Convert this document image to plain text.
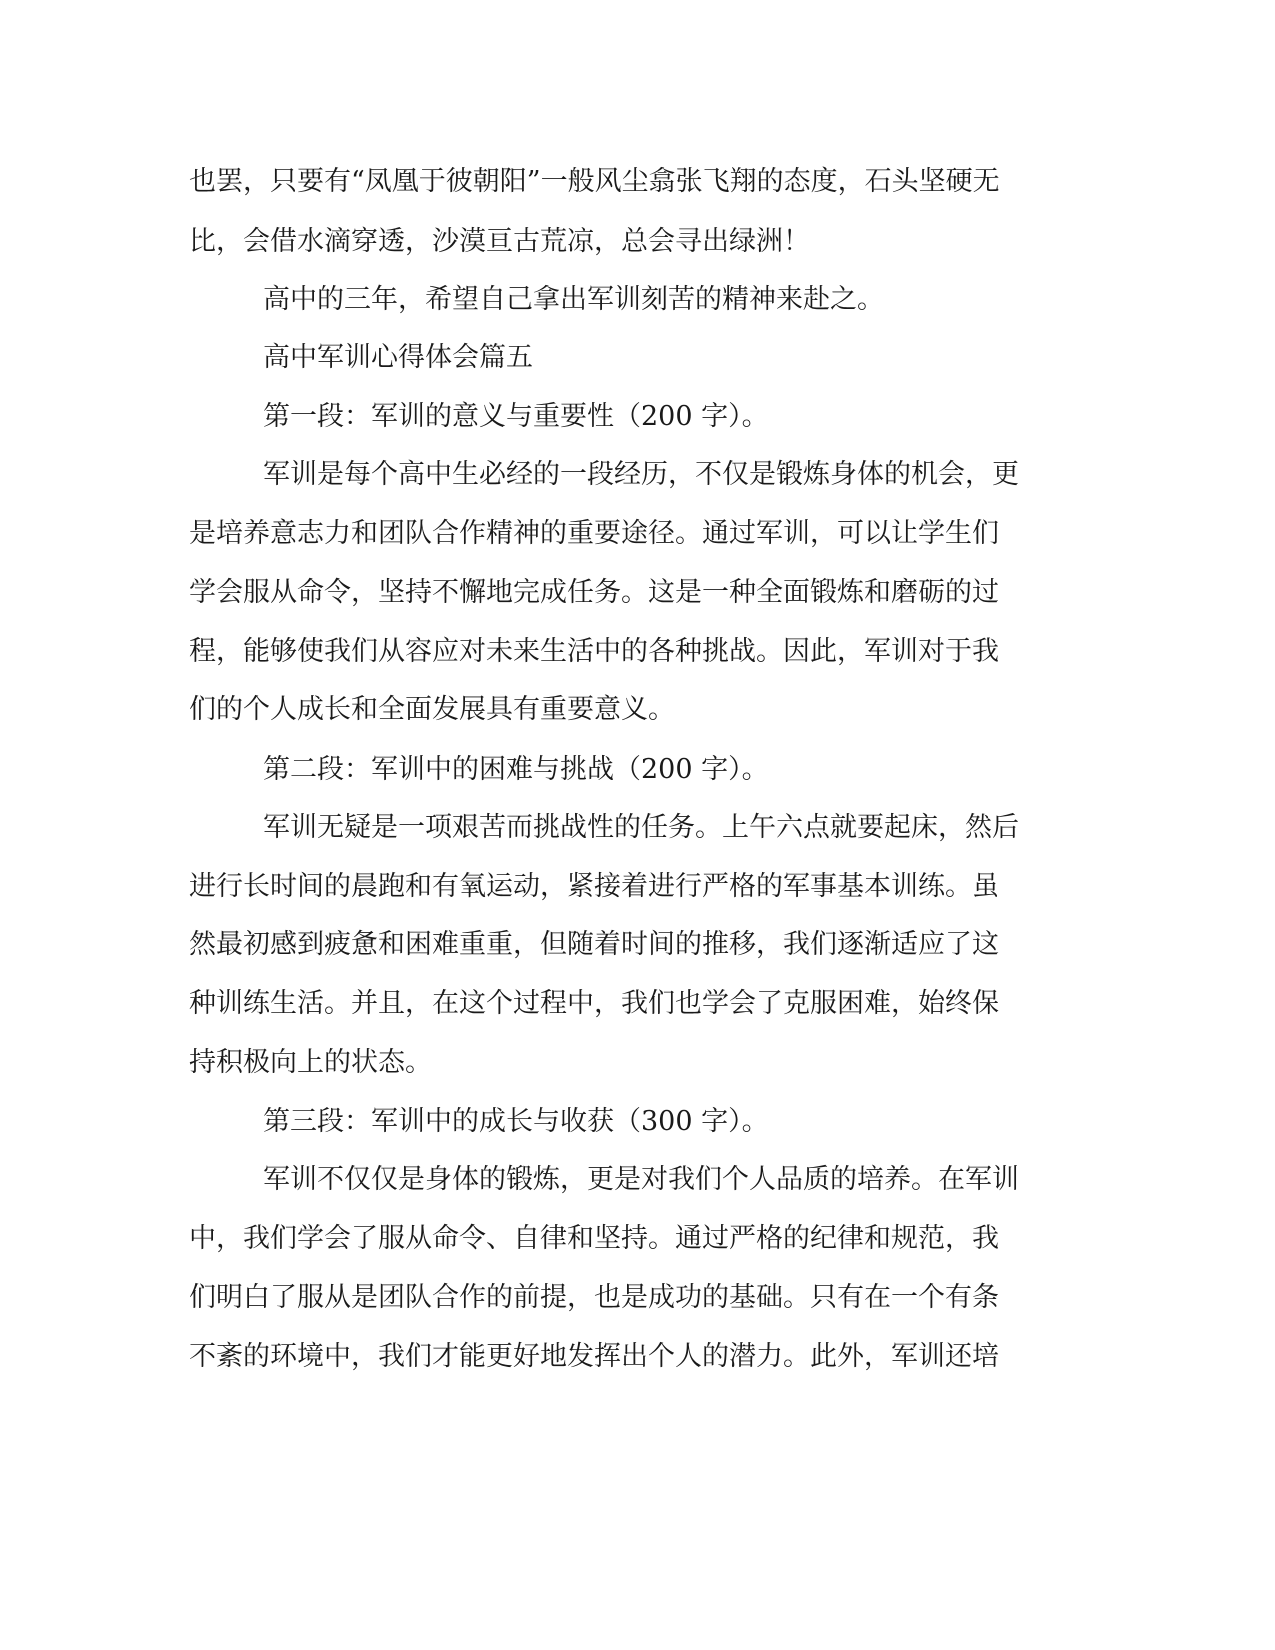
也罢，只要有“凤凰于彼朝阳”一般风尘翕张飞翔的态度，石头坚硬无
比，会借水滴穿透，沙漠亘古荒凉，总会寻出绿洲！
高中的三年，希望自己拿出军训刻苦的精神来赴之。
高中军训心得体会篇五
第一段：军训的意义与重要性（200 字）。
军训是每个高中生必经的一段经历，不仅是锻炼身体的机会，更
是培养意志力和团队合作精神的重要途径。通过军训，可以让学生们
学会服从命令，坚持不懈地完成任务。这是一种全面锻炼和磨砺的过
程，能够使我们从容应对未来生活中的各种挑战。因此，军训对于我
们的个人成长和全面发展具有重要意义。
第二段：军训中的困难与挑战（200 字）。
军训无疑是一项艰苦而挑战性的任务。上午六点就要起床，然后
进行长时间的晨跑和有氧运动，紧接着进行严格的军事基本训练。虽
然最初感到疲惫和困难重重，但随着时间的推移，我们逐渐适应了这
种训练生活。并且，在这个过程中，我们也学会了克服困难，始终保
持积极向上的状态。
第三段：军训中的成长与收获（300 字）。
军训不仅仅是身体的锻炼，更是对我们个人品质的培养。在军训
中，我们学会了服从命令、自律和坚持。通过严格的纪律和规范，我
们明白了服从是团队合作的前提，也是成功的基础。只有在一个有条
不紊的环境中，我们才能更好地发挥出个人的潜力。此外，军训还培
